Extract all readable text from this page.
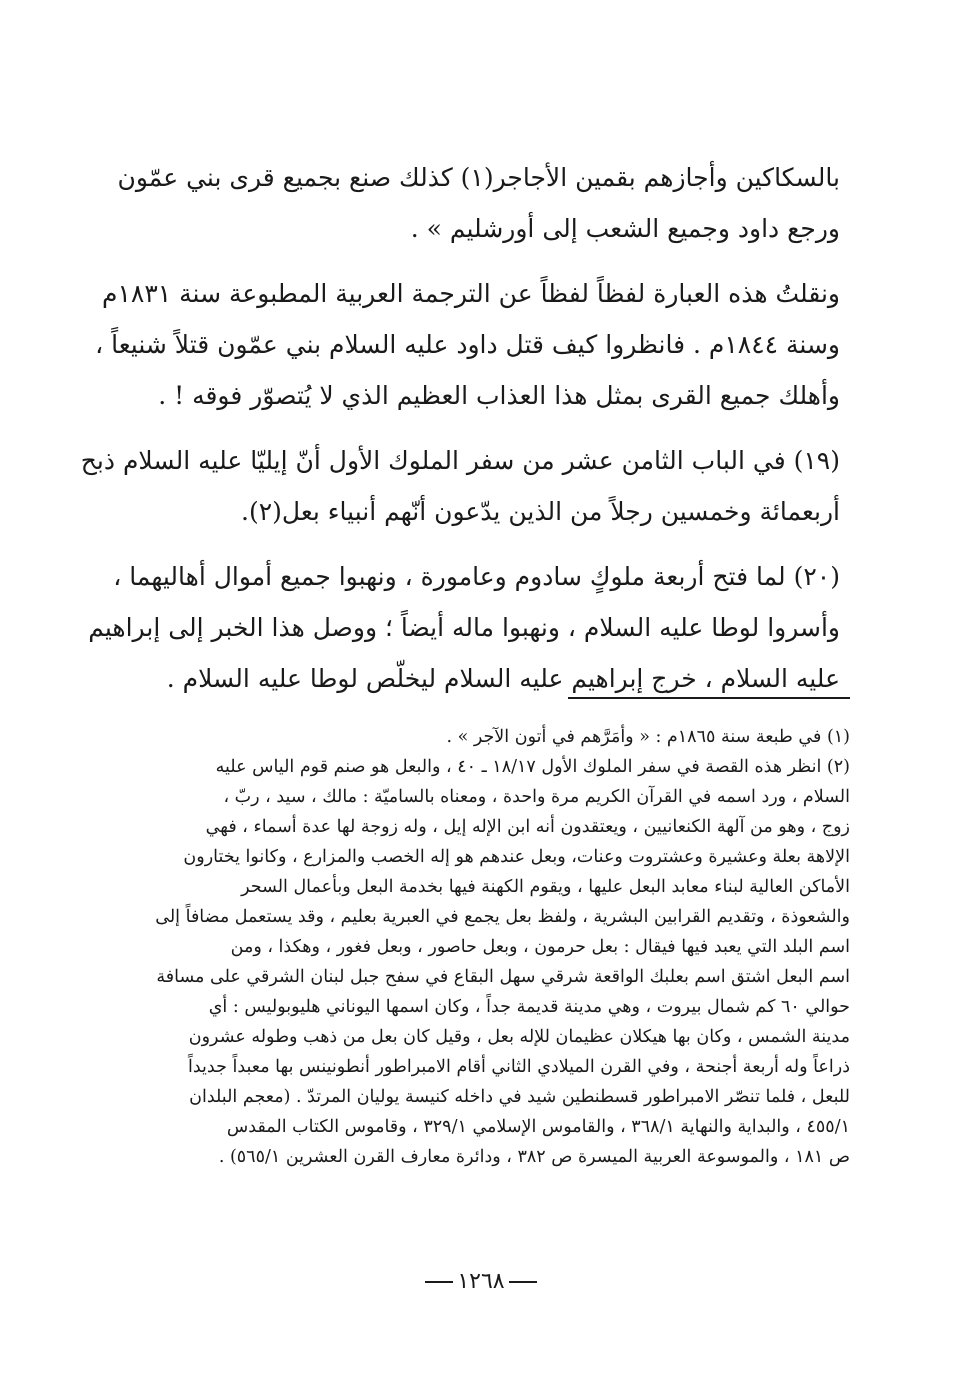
بالسكاكين وأجازهم بقمين الأجاجر(١) كذلك صنع بجميع قرى بني عمّون
ورجع داود وجميع الشعب إلى أورشليم » .
ونقلتُ هذه العبارة لفظاً لفظاً عن الترجمة العربية المطبوعة سنة ١٨٣١م
وسنة ١٨٤٤م . فانظروا كيف قتل داود عليه السلام بني عمّون قتلاً شنيعاً ،
وأهلك جميع القرى بمثل هذا العذاب العظيم الذي لا يُتصوّر فوقه ! .
(١٩) في الباب الثامن عشر من سفر الملوك الأول أنّ إيليّا عليه السلام ذبح
أربعمائة وخمسين رجلاً من الذين يدّعون أنّهم أنبياء بعل(٢).
(٢٠) لما فتح أربعة ملوكٍ سادوم وعامورة ، ونهبوا جميع أموال أهاليهما ،
وأسروا لوطا عليه السلام ، ونهبوا ماله أيضاً ؛ ووصل هذا الخبر إلى إبراهيم
عليه السلام ، خرج إبراهيم عليه السلام ليخلّص لوطا عليه السلام .
(١) في طبعة سنة ١٨٦٥م : « وأمَرَّهم في أتون الآجر » .
(٢) انظر هذه القصة في سفر الملوك الأول ١٨/١٧ ـ ٤٠ ، والبعل هو صنم قوم الياس عليه
السلام ، ورد اسمه في القرآن الكريم مرة واحدة ، ومعناه بالساميّة : مالك ، سيد ، ربّ ،
زوج ، وهو من آلهة الكنعانيين ، ويعتقدون أنه ابن الإله إيل ، وله زوجة لها عدة أسماء ، فهي
الإلاهة بعلة وعشيرة وعشتروت وعنات، وبعل عندهم هو إله الخصب والمزارع ، وكانوا يختارون
الأماكن العالية لبناء معابد البعل عليها ، ويقوم الكهنة فيها بخدمة البعل وبأعمال السحر
والشعوذة ، وتقديم القرابين البشرية ، ولفظ بعل يجمع في العبرية بعليم ، وقد يستعمل مضافاً إلى
اسم البلد التي يعبد فيها فيقال : بعل حرمون ، وبعل حاصور ، وبعل فغور ، وهكذا ، ومن
اسم البعل اشتق اسم بعلبك الواقعة شرقي سهل البقاع في سفح جبل لبنان الشرقي على مسافة
حوالي ٦٠ كم شمال بيروت ، وهي مدينة قديمة جداً ، وكان اسمها اليوناني هليوبوليس : أي
مدينة الشمس ، وكان بها هيكلان عظيمان للإله بعل ، وقيل كان بعل من ذهب وطوله عشرون
ذراعاً وله أربعة أجنحة ، وفي القرن الميلادي الثاني أقام الامبراطور أنطونينس بها معبداً جديداً
للبعل ، فلما تنصّر الامبراطور قسطنطين شيد في داخله كنيسة يوليان المرتدّ . (معجم البلدان
٤٥٥/١ ، والبداية والنهاية ٣٦٨/١ ، والقاموس الإسلامي ٣٢٩/١ ، وقاموس الكتاب المقدس
ص ١٨١ ، والموسوعة العربية الميسرة ص ٣٨٢ ، ودائرة معارف القرن العشرين ٥٦٥/١) .
١٢٦٨
